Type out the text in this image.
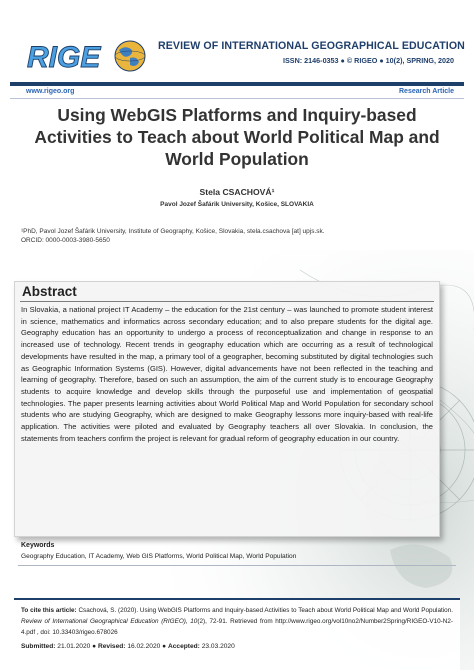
RIGE	REVIEW OF INTERNATIONAL GEOGRAPHICAL EDUCATION
ISSN: 2146-0353 ● © RIGEO ● 10(2), SPRING, 2020
www.rigeo.org	Research Article
Using WebGIS Platforms and Inquiry-based
Activities to Teach about World Political Map and
World Population
Stela CSACHOVÁ¹
Pavol Jozef Šafárik University, Košice, SLOVAKIA
¹PhD, Pavol Jozef Šafárik University, Institute of Geography, Košice, Slovakia, stela.csachova [at] upjs.sk.
ORCID: 0000-0003-3980-5650
Abstract
In Slovakia, a national project IT Academy – the education for the 21st century – was launched to promote student interest in science, mathematics and informatics across secondary education; and to also prepare students for the digital age. Geography education has an opportunity to undergo a process of reconceptualization and change in response to an increased use of technology. Recent trends in geography education which are occurring as a result of technological developments have resulted in the map, a primary tool of a geographer, becoming substituted by digital technologies such as Geographic Information Systems (GIS). However, digital advancements have not been reflected in the teaching and learning of geography. Therefore, based on such an assumption, the aim of the current study is to encourage Geography students to acquire knowledge and develop skills through the purposeful use and implementation of geospatial technologies. The paper presents learning activities about World Political Map and World Population for secondary school students who are studying Geography, which are designed to make Geography lessons more inquiry-based with real-life application. The activities were piloted and evaluated by Geography teachers all over Slovakia. In conclusion, the statements from teachers confirm the project is relevant for gradual reform of geography education in our country.
Keywords
Geography Education, IT Academy, Web GIS Platforms, World Political Map, World Population
To cite this article: Csachová, S. (2020). Using WebGIS Platforms and Inquiry-based Activities to Teach about World Political Map and World Population. Review of International Geographical Education (RIGEO), 10(2), 72-91. Retrieved from http://www.rigeo.org/vol10no2/Number2Spring/RIGEO-V10-N2-4.pdf , doi: 10.33403/rigeo.678026
Submitted: 21.01.2020 ● Revised: 16.02.2020 ● Accepted: 23.03.2020
